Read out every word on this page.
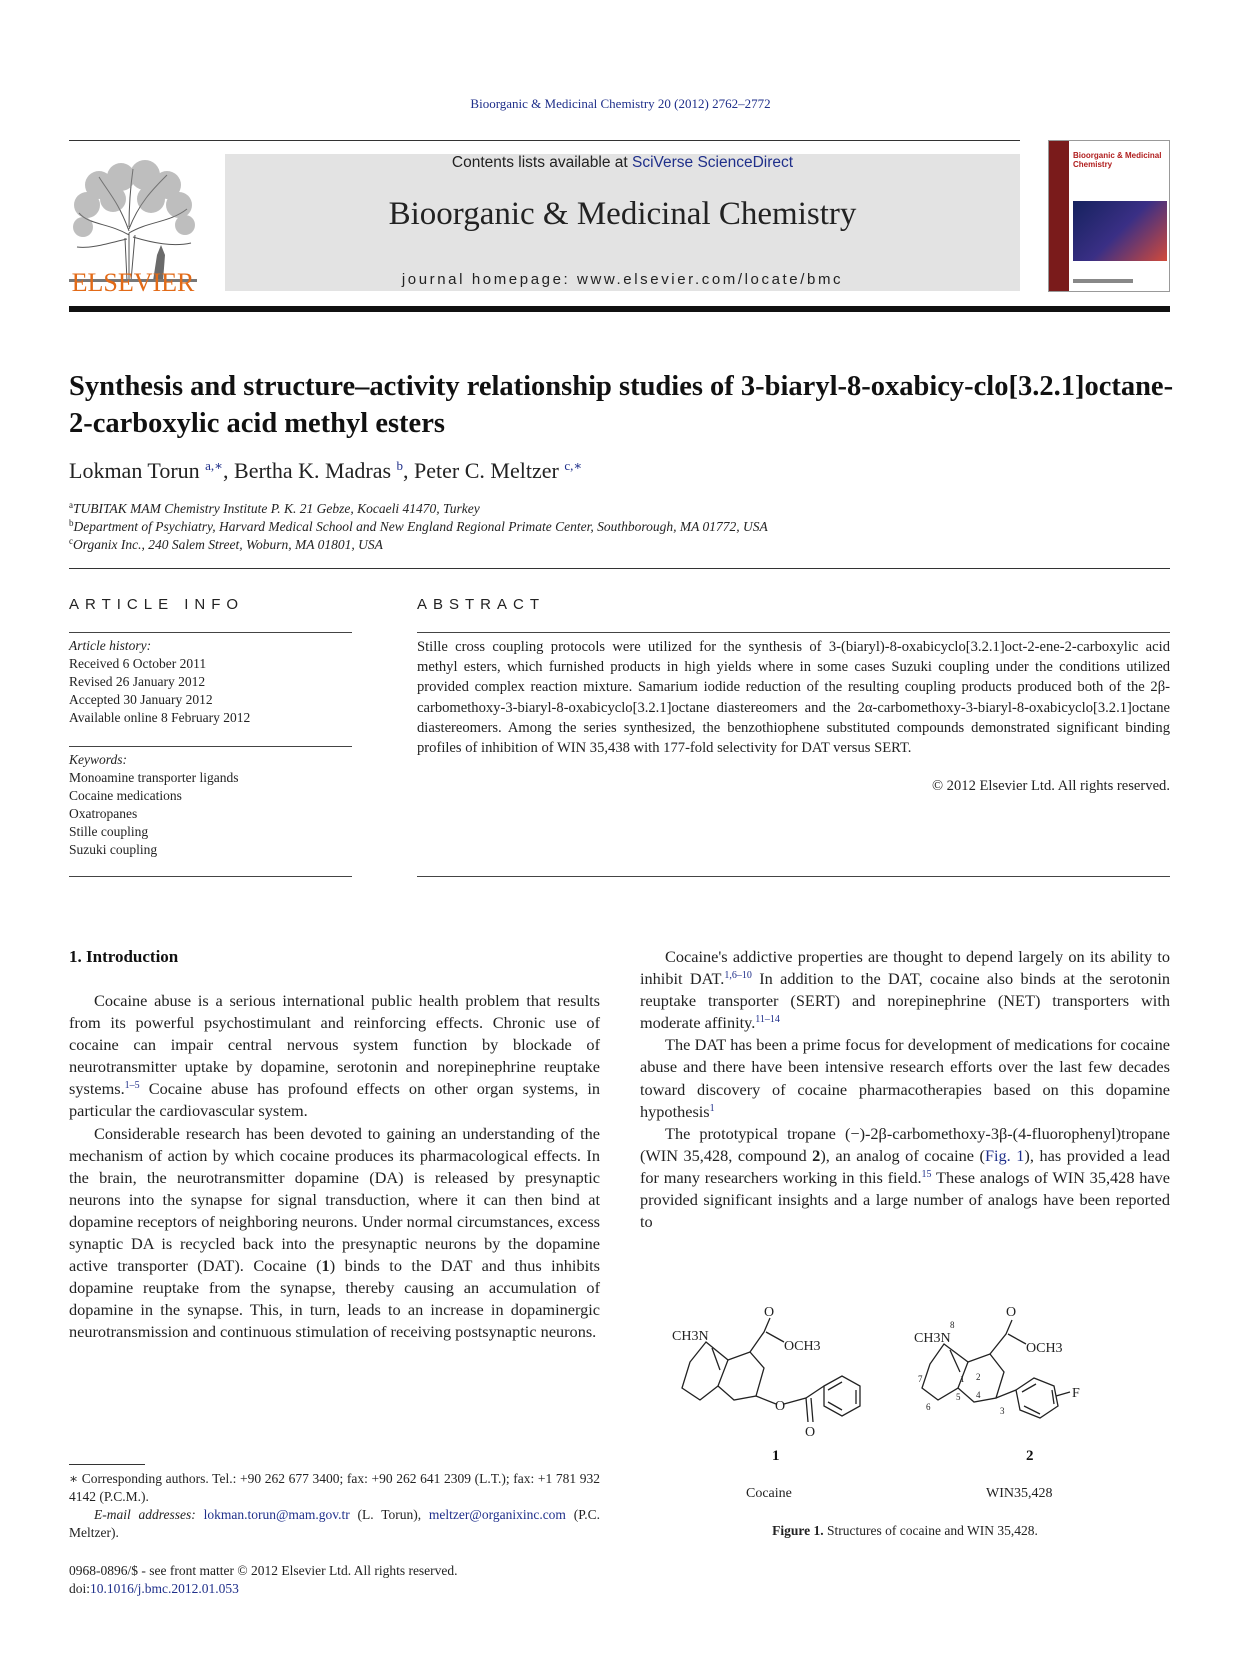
Bioorganic & Medicinal Chemistry 20 (2012) 2762–2772
ELSEVIER
Contents lists available at SciVerse ScienceDirect
Bioorganic & Medicinal Chemistry
journal homepage: www.elsevier.com/locate/bmc
Bioorganic & Medicinal Chemistry
Synthesis and structure–activity relationship studies of 3-biaryl-8-oxabicy-clo[3.2.1]octane-2-carboxylic acid methyl esters
Lokman Torun $^{a,∗}$, Bertha K. Madras $^b$, Peter C. Meltzer $^{c,∗}$
$^a$TUBITAK MAM Chemistry Institute P. K. 21 Gebze, Kocaeli 41470, Turkey
$^b$Department of Psychiatry, Harvard Medical School and New England Regional Primate Center, Southborough, MA 01772, USA
$^c$Organix Inc., 240 Salem Street, Woburn, MA 01801, USA
ARTICLE INFO
Article history:
Received 6 October 2011
Revised 26 January 2012
Accepted 30 January 2012
Available online 8 February 2012
Keywords:
Monoamine transporter ligands
Cocaine medications
Oxatropanes
Stille coupling
Suzuki coupling
ABSTRACT
Stille cross coupling protocols were utilized for the synthesis of 3-(biaryl)-8-oxabicyclo[3.2.1]oct-2-ene-2-carboxylic acid methyl esters, which furnished products in high yields where in some cases Suzuki coupling under the conditions utilized provided complex reaction mixture. Samarium iodide reduction of the resulting coupling products produced both of the 2β-carbomethoxy-3-biaryl-8-oxabicyclo[3.2.1]octane diastereomers and the 2α-carbomethoxy-3-biaryl-8-oxabicyclo[3.2.1]octane diastereomers. Among the series synthesized, the benzothiophene substituted compounds demonstrated significant binding profiles of inhibition of WIN 35,438 with 177-fold selectivity for DAT versus SERT.
© 2012 Elsevier Ltd. All rights reserved.
1. Introduction

Cocaine abuse is a serious international public health problem that results from its powerful psychostimulant and reinforcing effects. Chronic use of cocaine can impair central nervous system function by blockade of neurotransmitter uptake by dopamine, serotonin and norepinephrine reuptake systems.$^{1-5}$ Cocaine abuse has profound effects on other organ systems, in particular the cardiovascular system.

Considerable research has been devoted to gaining an understanding of the mechanism of action by which cocaine produces its pharmacological effects. In the brain, the neurotransmitter dopamine (DA) is released by presynaptic neurons into the synapse for signal transduction, where it can then bind at dopamine receptors of neighboring neurons. Under normal circumstances, excess synaptic DA is recycled back into the presynaptic neurons by the dopamine active transporter (DAT). Cocaine (1) binds to the DAT and thus inhibits dopamine reuptake from the synapse, thereby causing an accumulation of dopamine in the synapse. This, in turn, leads to an increase in dopaminergic neurotransmission and continuous stimulation of receiving postsynaptic neurons.

Cocaine's addictive properties are thought to depend largely on its ability to inhibit DAT.$^{1,6-10}$ In addition to the DAT, cocaine also binds at the serotonin reuptake transporter (SERT) and norepinephrine (NET) transporters with moderate affinity.$^{11-14}$

The DAT has been a prime focus for development of medications for cocaine abuse and there have been intensive research efforts over the last few decades toward discovery of cocaine pharmacotherapies based on this dopamine hypothesis$^1$

The prototypical tropane (−)-2β-carbomethoxy-3β-(4-fluorophenyl)tropane (WIN 35,428, compound 2), an analog of cocaine (Fig. 1), has provided a lead for many researchers working in this field.$^{15}$ These analogs of WIN 35,428 have provided significant insights and a large number of analogs have been reported to

CH3N
O
OCH3
O
O
CH3N
O
OCH3
F
8
1 2
3
4
5
6
7
1	2
Cocaine	WIN35,428
Figure 1. Structures of cocaine and WIN 35,428.
∗ Corresponding authors. Tel.: +90 262 677 3400; fax: +90 262 641 2309 (L.T.); fax: +1 781 932 4142 (P.C.M.).
E-mail addresses: lokman.torun@mam.gov.tr (L. Torun), meltzer@organixinc.com (P.C. Meltzer).
0968-0896/$ - see front matter © 2012 Elsevier Ltd. All rights reserved.
doi:10.1016/j.bmc.2012.01.053
